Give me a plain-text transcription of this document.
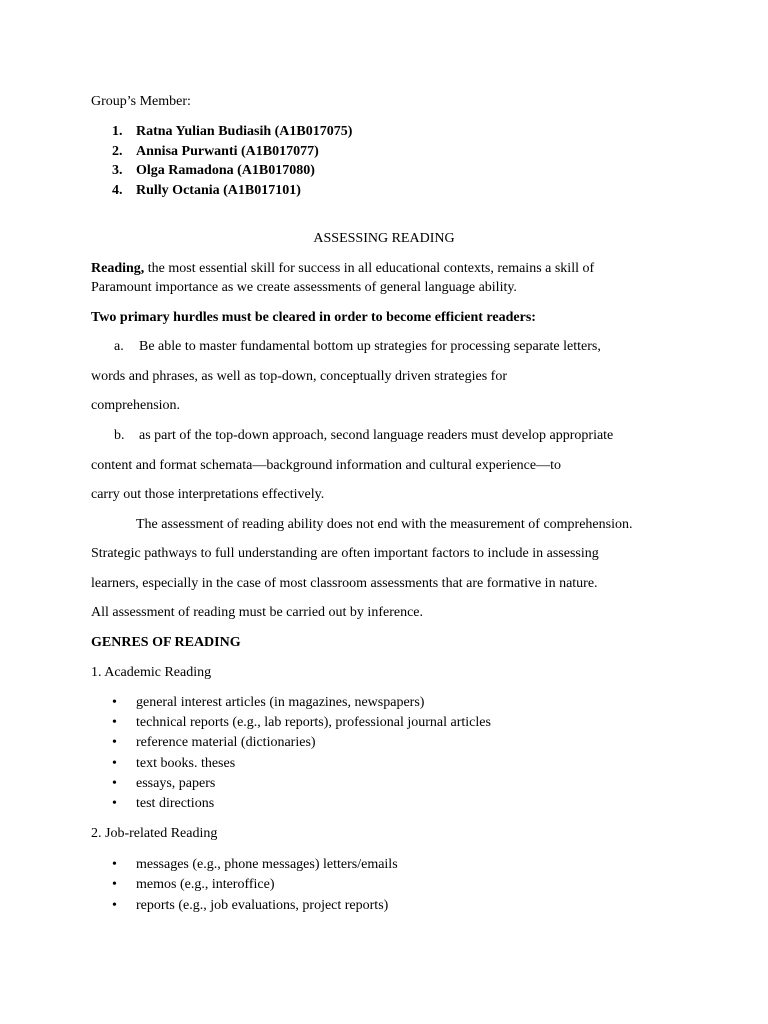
Group’s Member:
1. Ratna Yulian Budiasih (A1B017075)
2. Annisa Purwanti (A1B017077)
3. Olga Ramadona (A1B017080)
4. Rully Octania (A1B017101)
ASSESSING READING
Reading, the most essential skill for success in all educational contexts, remains a skill of
Paramount importance as we create assessments of general language ability.
Two primary hurdles must be cleared in order to become efficient readers:
a. Be able to master fundamental bottom up strategies for processing separate letters,
words and phrases, as well as top-down, conceptually driven strategies for
comprehension.
b. as part of the top-down approach, second language readers must develop appropriate
content and format schemata—background information and cultural experience—to
carry out those interpretations effectively.
The assessment of reading ability does not end with the measurement of comprehension.
Strategic pathways to full understanding are often important factors to include in assessing
learners, especially in the case of most classroom assessments that are formative in nature.
All assessment of reading must be carried out by inference.
GENRES OF READING
1. Academic Reading
• general interest articles (in magazines, newspapers)
• technical reports (e.g., lab reports), professional journal articles
• reference material (dictionaries)
• text books. theses
• essays, papers
• test directions
2. Job-related Reading
• messages (e.g., phone messages) letters/emails
• memos (e.g., interoffice)
• reports (e.g., job evaluations, project reports)
